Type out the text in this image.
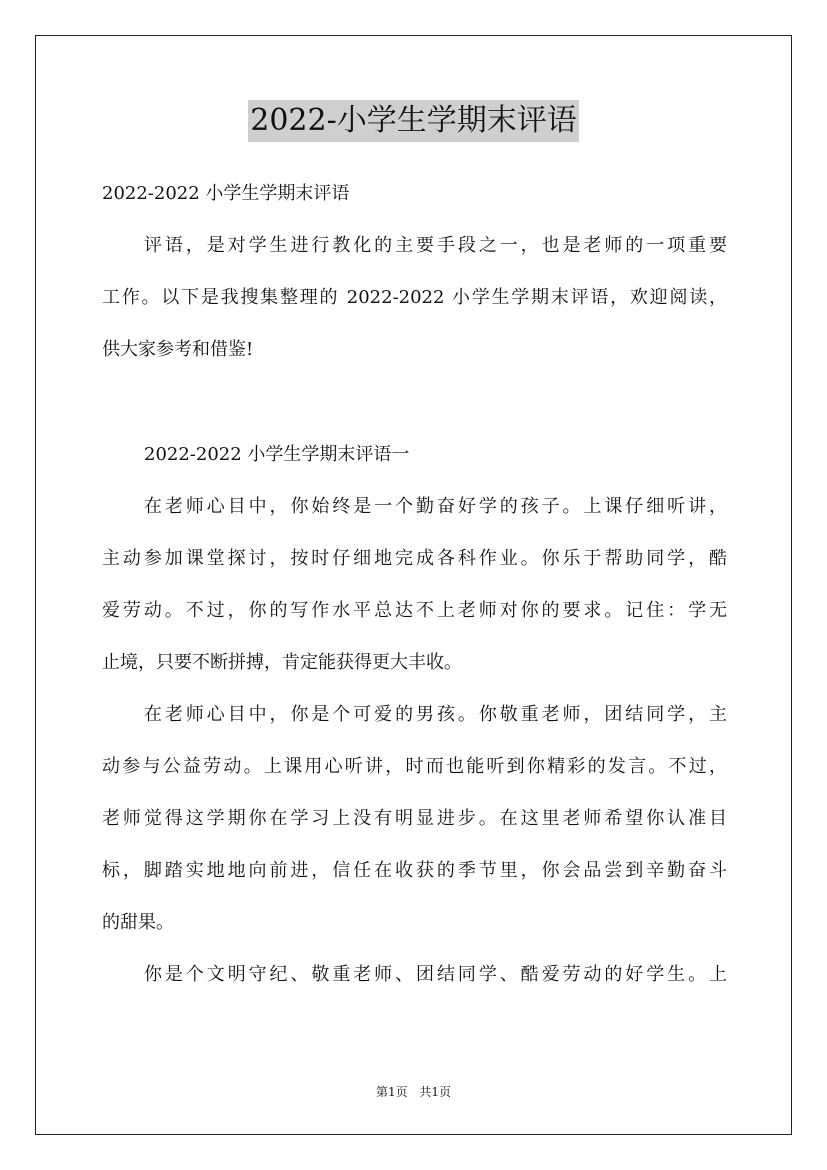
2022-小学生学期末评语
2022-2022 小学生学期末评语
评语，是对学生进行教化的主要手段之一，也是老师的一项重要
工作。以下是我搜集整理的 2022-2022 小学生学期末评语，欢迎阅读，
供大家参考和借鉴!
2022-2022 小学生学期末评语一
在老师心目中，你始终是一个勤奋好学的孩子。上课仔细听讲，
主动参加课堂探讨，按时仔细地完成各科作业。你乐于帮助同学，酷
爱劳动。不过，你的写作水平总达不上老师对你的要求。记住：学无
止境，只要不断拼搏，肯定能获得更大丰收。
在老师心目中，你是个可爱的男孩。你敬重老师，团结同学，主
动参与公益劳动。上课用心听讲，时而也能听到你精彩的发言。不过，
老师觉得这学期你在学习上没有明显进步。在这里老师希望你认准目
标，脚踏实地地向前进，信任在收获的季节里，你会品尝到辛勤奋斗
的甜果。
你是个文明守纪、敬重老师、团结同学、酷爱劳动的好学生。上
第1页 共1页
